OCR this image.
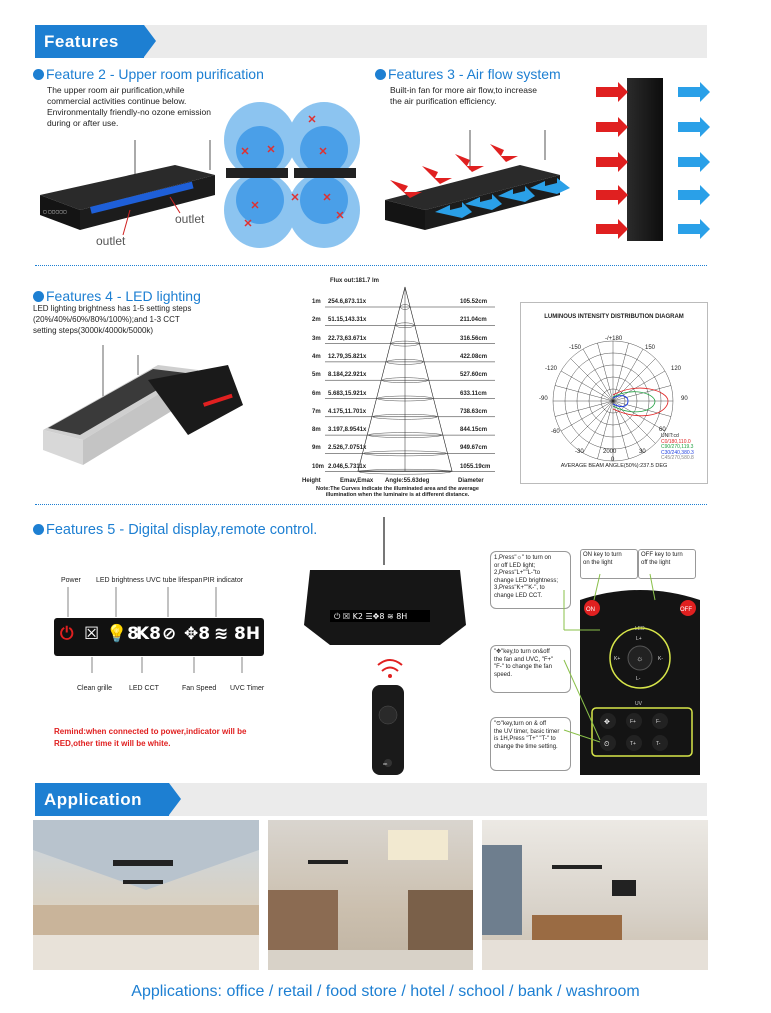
Features
Feature 2 - Upper room purification
The upper room air purification,while
commercial activities continue below.
Environmentally friendly-no ozone emission
during or after use.
▢ ▢▢▢▢▢
outlet
outlet
Features 3 - Air flow system
Built-in fan for more air flow,to increase
the air purification efficiency.
Features 4 - LED lighting
LED lighting brightness has 1-5 setting steps
(20%/40%/60%/80%/100%);and 1-3 CCT
setting steps(3000k/4000k/5000k)
Flux out:181.7 lm
1m 254.6,873.11x	105.52cm
2m 51.15,143.31x	211.04cm
3m 22.73,63.671x	316.56cm
4m 12.79,35.821x	422.08cm
5m 8.184,22.921x	527.60cm
6m 5.683,15.921x	633.11cm
7m 4.175,11.701x	738.63cm
8m 3.197,8.9541x	844.15cm
9m 2.526,7.0751x	949.67cm
10m 2.046,5.7311x	1055.19cm
Height	Emav,Emax Angle:55.63deg	Diameter
Note:The Curves indicate the illuminated area and the average
illumination when the luminaire is at different distance.
LUMINOUS INTENSITY DISTRIBUTION DIAGRAM
-/+180
-150	150
-120	120
-90	90
-60	60
-30	30
0
2000
UNIT:cd
C0/180,110.0
C90/270,119.3
C30/240,380.3
C45/270,580.8
AVERAGE BEAM ANGLE(50%):237.5 DEG
Features 5 - Digital display,remote control.
Power LED brightness UVC tube lifespan PIR indicator
⏻ ☒ 💡8
K8 ⊘ ✥8 ≋ 8H
Clean grille LED CCT	Fan Speed UVC Timer
Remind:when connected to power,indicator will be
RED,other time it will be white.
⏻ ☒ K2 ☰✥8 ≋ 8H
OK
1,Press"☼" to turn on
or off LED light;
2,Press"L+""L-"to
change LED brightness;
3,Press"K+""K-", to
change LED CCT.
ON key to turn
on the light
OFF key to turn
off the light
"✥"key,to turn on&off
the fan and UVC, "F+"
"F-" to change the fan
speed.
"⏲"key,turn on & off
the UV timer, basic timer
is 1H,Press "T+" "T-" to
change the time setting.
ON	OFF
LED
☼
L+
L-
K+	K-
UV
✥	F+	F-
⏲	T+	T-
Application
Applications: office / retail / food store / hotel / school / bank / washroom
